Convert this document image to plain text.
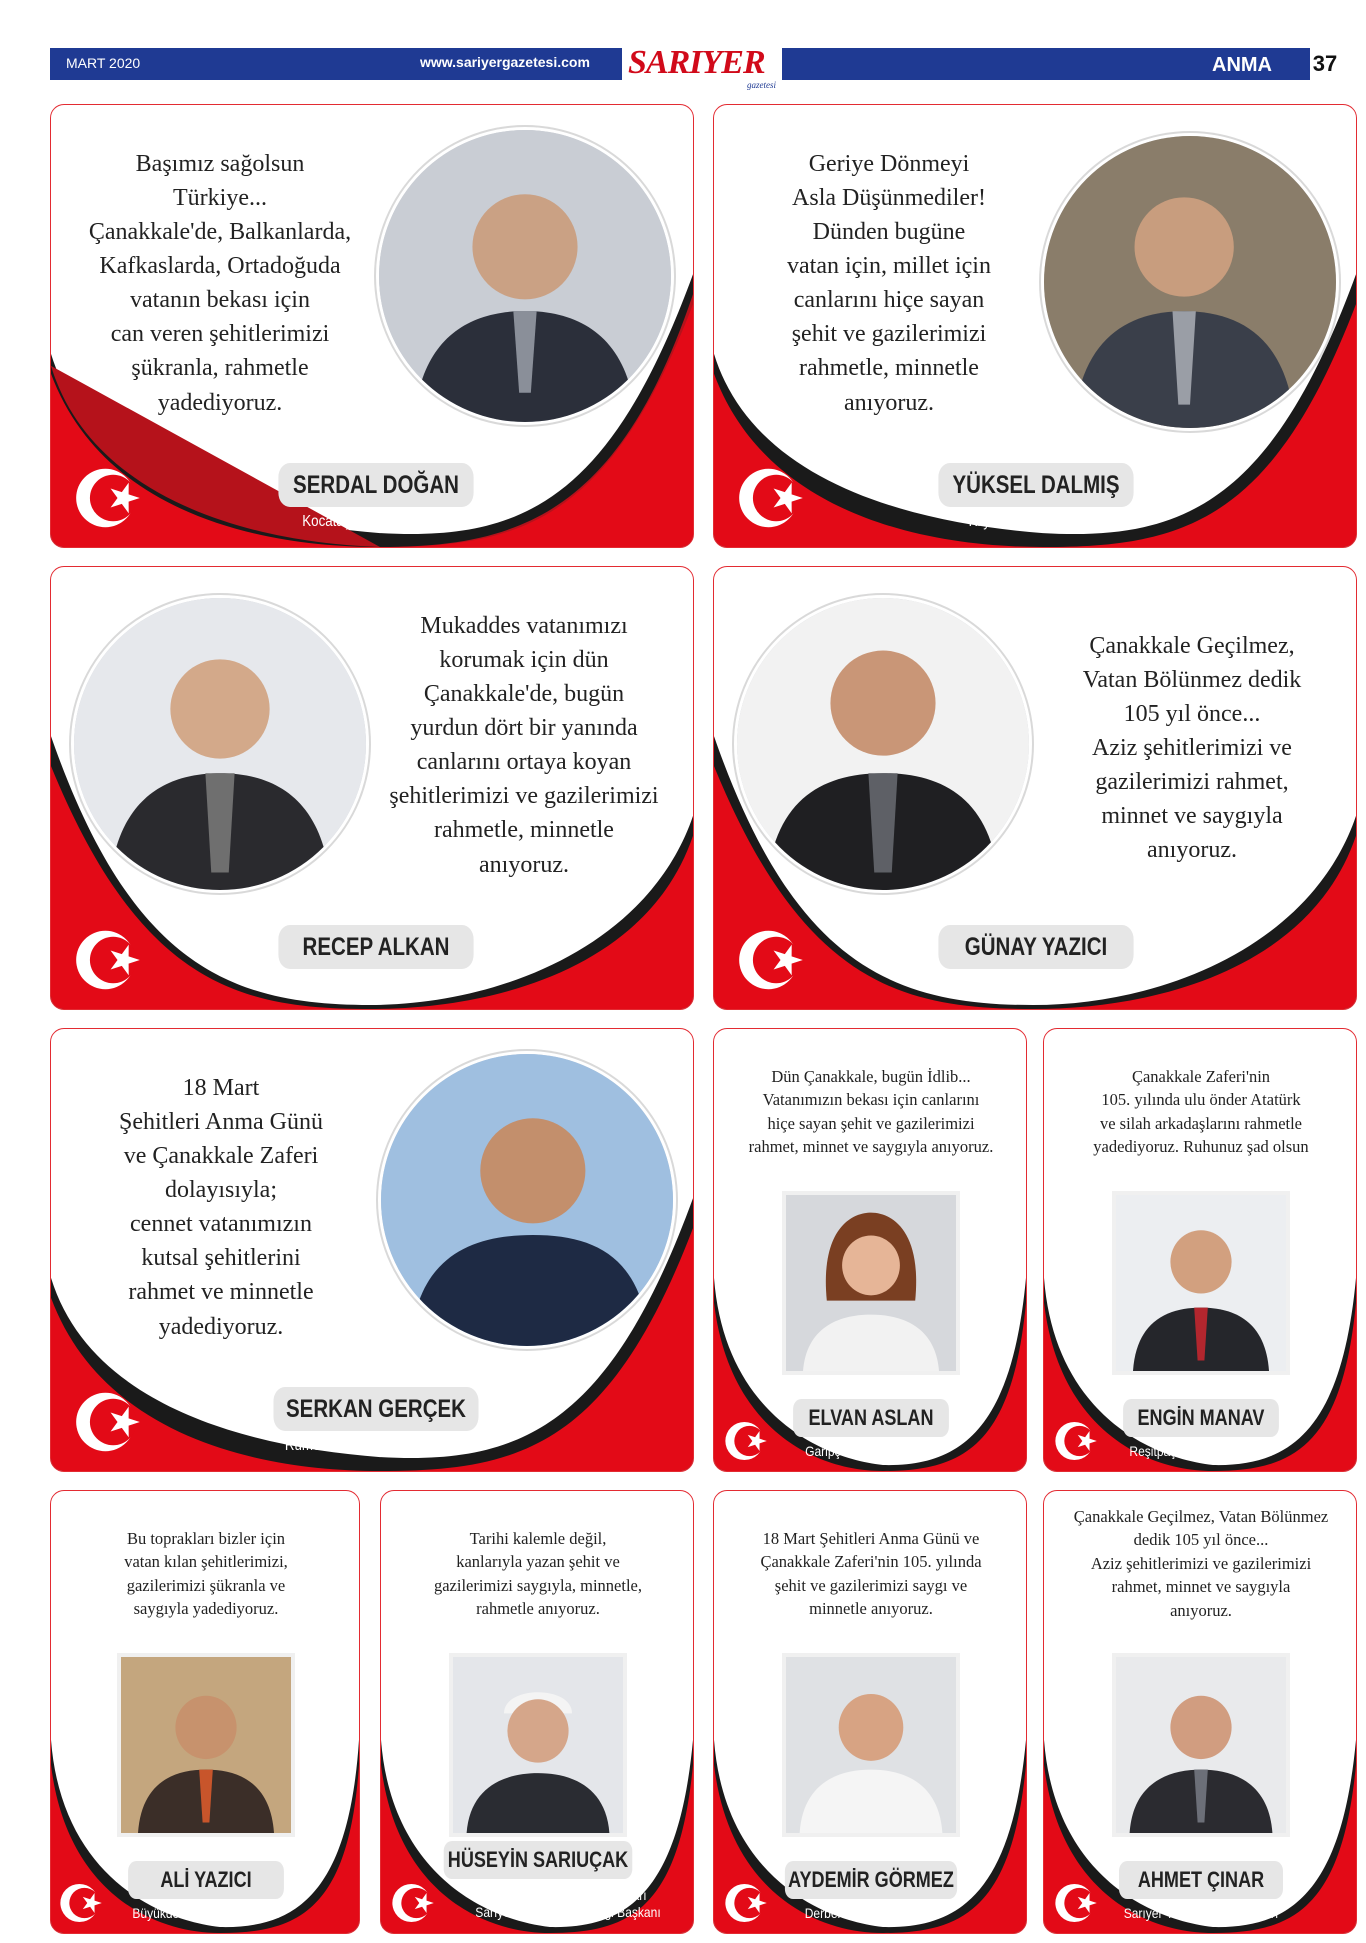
MART 2020	www.sariyergazetesi.com SARIYER
gazetesi
ANMA 37
Başımız sağolsun
Türkiye...
Çanakkale'de, Balkanlarda,
Kafkaslarda, Ortadoğuda
vatanın bekası için
can veren şehitlerimizi
şükranla, rahmetle
yadediyoruz.
SERDAL DOĞAN
Kocataş Mahalle Muhtarı
Geriye Dönmeyi
Asla Düşünmediler!
Dünden bugüne
vatan için, millet için
canlarını hiçe sayan
şehit ve gazilerimizi
rahmetle, minnetle
anıyoruz.
YÜKSEL DALMIŞ
Kilyos Mahalle Muhtarı
Mukaddes vatanımızı
korumak için dün
Çanakkale'de, bugün
yurdun dört bir yanında
canlarını ortaya koyan
şehitlerimizi ve gazilerimizi
rahmetle, minnetle
anıyoruz.
RECEP ALKAN
İstinye Mahalle Muhtarı
Çanakkale Geçilmez,
Vatan Bölünmez dedik
105 yıl önce...
Aziz şehitlerimizi ve
gazilerimizi rahmet,
minnet ve saygıyla
anıyoruz.
GÜNAY YAZICI
Gümüşdere Köyü Mahalle Muhtarı
18 Mart
Şehitleri Anma Günü
ve Çanakkale Zaferi
dolayısıyla;
cennet vatanımızın
kutsal şehitlerini
rahmet ve minnetle
yadediyoruz.
SERKAN GERÇEK
Rumeli Feneri Mahalle Muhtarı
Dün Çanakkale, bugün İdlib...
Vatanımızın bekası için canlarını
hiçe sayan şehit ve gazilerimizi
rahmet, minnet ve saygıyla anıyoruz.
ELVAN ASLAN
Garipçe Mahalle Muhtarı
Çanakkale Zaferi'nin
105. yılında ulu önder Atatürk
ve silah arkadaşlarını rahmetle
yadediyoruz. Ruhunuz şad olsun
ENGİN MANAV
Reşitpaşa Mahalle Muhtarı
Bu toprakları bizler için
vatan kılan şehitlerimizi,
gazilerimizi şükranla ve
saygıyla yadediyoruz.
ALİ YAZICI
Büyükdere Mahalle Muhtarı
Tarihi kalemle değil,
kanlarıyla yazan şehit ve
gazilerimizi saygıyla, minnetle,
rahmetle anıyoruz.
HÜSEYİN SARIUÇAK
Darüşşafaka Mahalle Muhtarı
Sarıyer Muhtarlar Derneği Başkanı
18 Mart Şehitleri Anma Günü ve
Çanakkale Zaferi'nin 105. yılında
şehit ve gazilerimizi saygı ve
minnetle anıyoruz.
AYDEMİR GÖRMEZ
Derbent Mahalle Muhtarı
Çanakkale Geçilmez, Vatan Bölünmez
dedik 105 yıl önce...
Aziz şehitlerimizi ve gazilerimizi
rahmet, minnet ve saygıyla
anıyoruz.
AHMET ÇINAR
Sarıyer Yeni Mahalle Muhtarı
